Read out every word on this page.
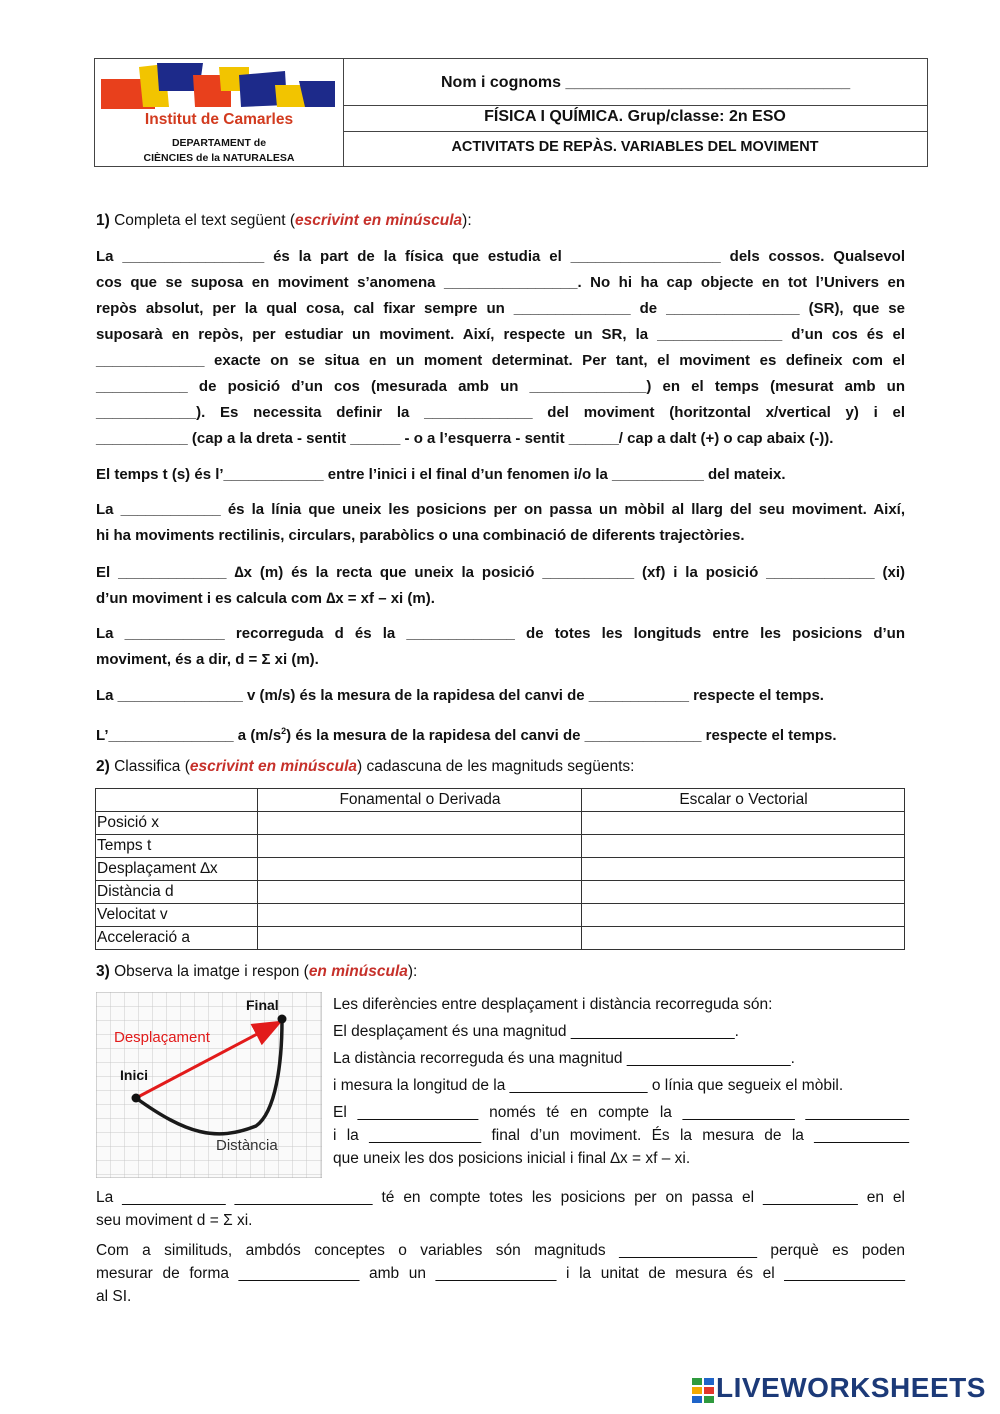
Institut de Camarles
DEPARTAMENT de
CIÈNCIES de la NATURALESA
Nom i cognoms ________________________________
FÍSICA I QUÍMICA. Grup/classe: 2n ESO
ACTIVITATS DE REPÀS. VARIABLES DEL MOVIMENT
1) Completa el text següent (escrivint en minúscula):
La _________________ és la part de la física que estudia el __________________ dels cossos. Qualsevol
cos que se suposa en moviment s’anomena ________________. No hi ha cap objecte en tot l’Univers en
repòs absolut, per la qual cosa, cal fixar sempre un ______________ de ________________ (SR), que se
suposarà en repòs, per estudiar un moviment. Així, respecte un SR, la _______________ d’un cos és el
_____________ exacte on se situa en un moment determinat. Per tant, el moviment es defineix com el
___________ de posició d’un cos (mesurada amb un ______________) en el temps (mesurat amb un
____________). Es necessita definir la _____________ del moviment (horitzontal x/vertical y) i el
___________ (cap a la dreta - sentit ______ - o a l’esquerra - sentit ______/ cap a dalt (+) o cap abaix (-)).
El temps t (s) és l’____________ entre l’inici i el final d’un fenomen i/o la ___________ del mateix.
La ____________ és la línia que uneix les posicions per on passa un mòbil al llarg del seu moviment. Així,
hi ha moviments rectilinis, circulars, parabòlics o una combinació de diferents trajectòries.
El _____________ ∆x (m) és la recta que uneix la posició ___________ (xf) i la posició _____________ (xi)
d’un moviment i es calcula com ∆x = xf – xi (m).
La ____________ recorreguda d és la _____________ de totes les longituds entre les posicions d’un
moviment, és a dir, d = Σ xi (m).
La _______________ v (m/s) és la mesura de la rapidesa del canvi de ____________ respecte el temps.
L’_______________ a $(m/s^2)$ és la mesura de la rapidesa del canvi de ______________ respecte el temps.
2) Classifica (escrivint en minúscula) cadascuna de les magnituds següents:
	Fonamental o Derivada	Escalar o Vectorial
Posició x		
Temps t		
Desplaçament ∆x		
Distància d		
Velocitat v		
Acceleració a		
3) Observa la imatge i respon (en minúscula):
Final
Desplaçament
Inici
Distància
Les diferències entre desplaçament i distància recorreguda són:
El desplaçament és una magnitud ___________________.
La distància recorreguda és una magnitud ___________________.
i mesura la longitud de la ________________ o línia que segueix el mòbil.
El ______________ només té en compte la _____________ ____________
i la _____________ final d’un moviment. És la mesura de la ___________
que uneix les dos posicions inicial i final ∆x = xf – xi.
La ____________ ________________ té en compte totes les posicions per on passa el ___________ en el
seu moviment d = Σ xi.
Com a similituds, ambdós conceptes o variables són magnituds ________________ perquè es poden
mesurar de forma ______________ amb un ______________ i la unitat de mesura és el ______________
al SI.
LIVEWORKSHEETS
